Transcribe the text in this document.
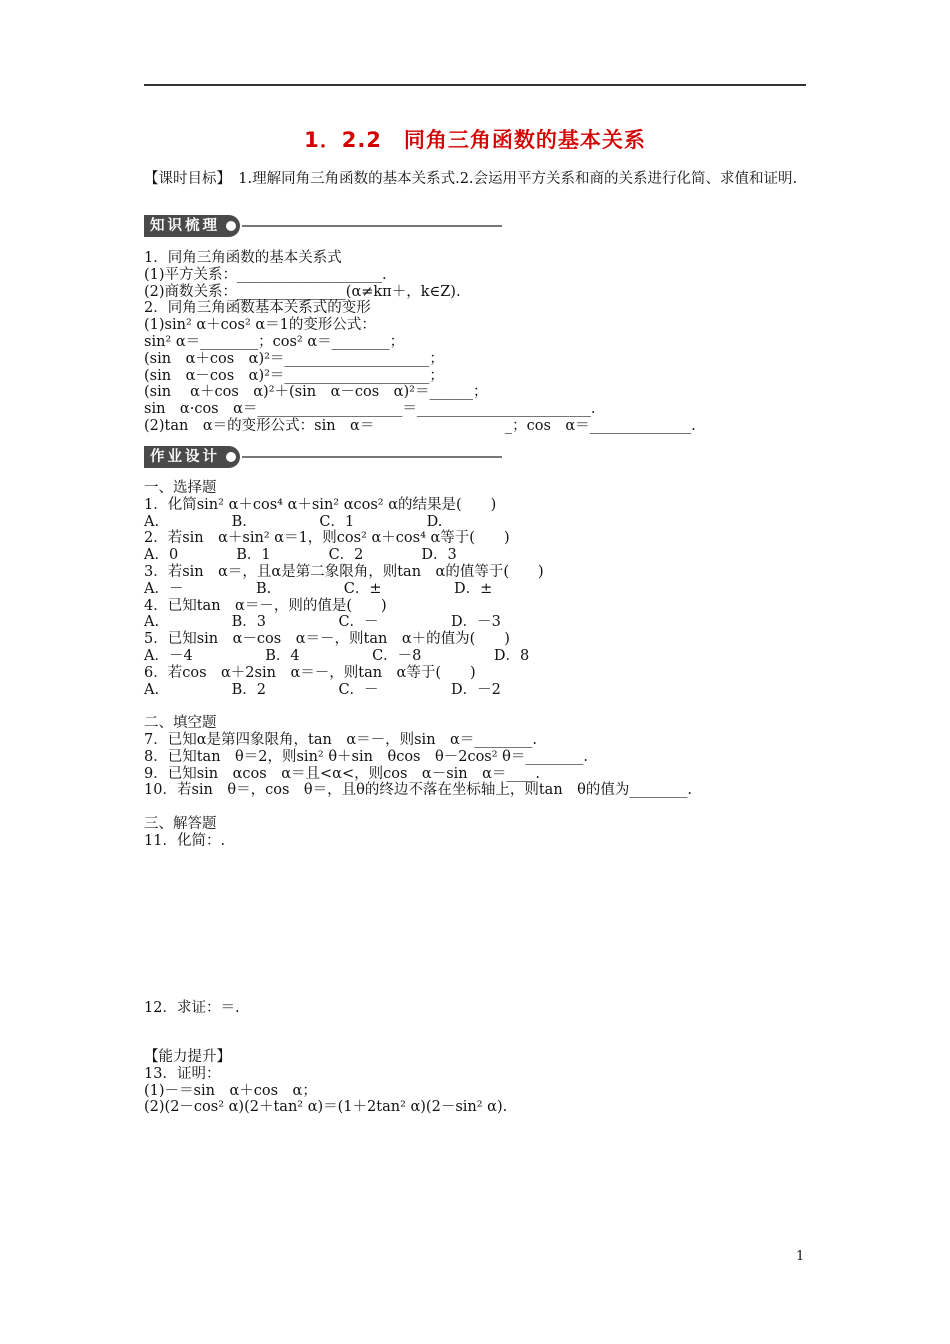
1．2.2　同角三角函数的基本关系
【课时目标】　1.理解同角三角函数的基本关系式.2.会运用平方关系和商的关系进行化简、求值和证明.
知识梳理
1．同角三角函数的基本关系式
(1)平方关系：____________________.
(2)商数关系：_______________(α≠kπ＋，k∈Z).
2．同角三角函数基本关系式的变形
(1)sin² α＋cos² α＝1的变形公式：
sin² α＝________；cos² α＝________；
(sin　α＋cos　α)²＝____________________；
(sin　α－cos　α)²＝____________________；
(sin　 α＋cos　α)²＋(sin　α－cos　α)²＝______；
sin　α·cos　α＝____________________＝________________________.
(2)tan　α＝的变形公式：sin　α＝　　　　　　　　　_；cos　α＝______________.
作业设计
一、选择题
1．化简sin² α＋cos⁴ α＋sin² αcos² α的结果是(　　)
A.　　　　　B.　　　　　C．1　　　　　D.
2．若sin　α＋sin² α＝1，则cos² α＋cos⁴ α等于(　　)
A．0　　　　B．1　　　　C．2　　　　D．3
3．若sin　α＝，且α是第二象限角，则tan　α的值等于(　　)
A．－　　　　　B.　　　　　C．±　　　　　D．±
4．已知tan　α＝－，则的值是(　　)
A.　　　　　B．3　　　　　C．－　　　　　D．－3
5．已知sin　α－cos　α＝－，则tan　α＋的值为(　　)
A．－4　　　　　B．4　　　　　C．－8　　　　　D．8
6．若cos　α＋2sin　α＝－，则tan　α等于(　　)
A.　　　　　B．2　　　　　C．－　　　　　D．－2
二、填空题
7．已知α是第四象限角，tan　α＝－，则sin　α＝________.
8．已知tan　θ＝2，则sin² θ＋sin　θcos　θ－2cos² θ＝________.
9．已知sin　αcos　α＝且<α<，则cos　α－sin　α＝____.
10．若sin　θ＝，cos　θ＝，且θ的终边不落在坐标轴上，则tan　θ的值为________.
三、解答题
11．化简：.
12．求证：＝.
【能力提升】
13．证明：
(1)－＝sin　α＋cos　α；
(2)(2－cos² α)(2＋tan² α)＝(1＋2tan² α)(2－sin² α).
1
